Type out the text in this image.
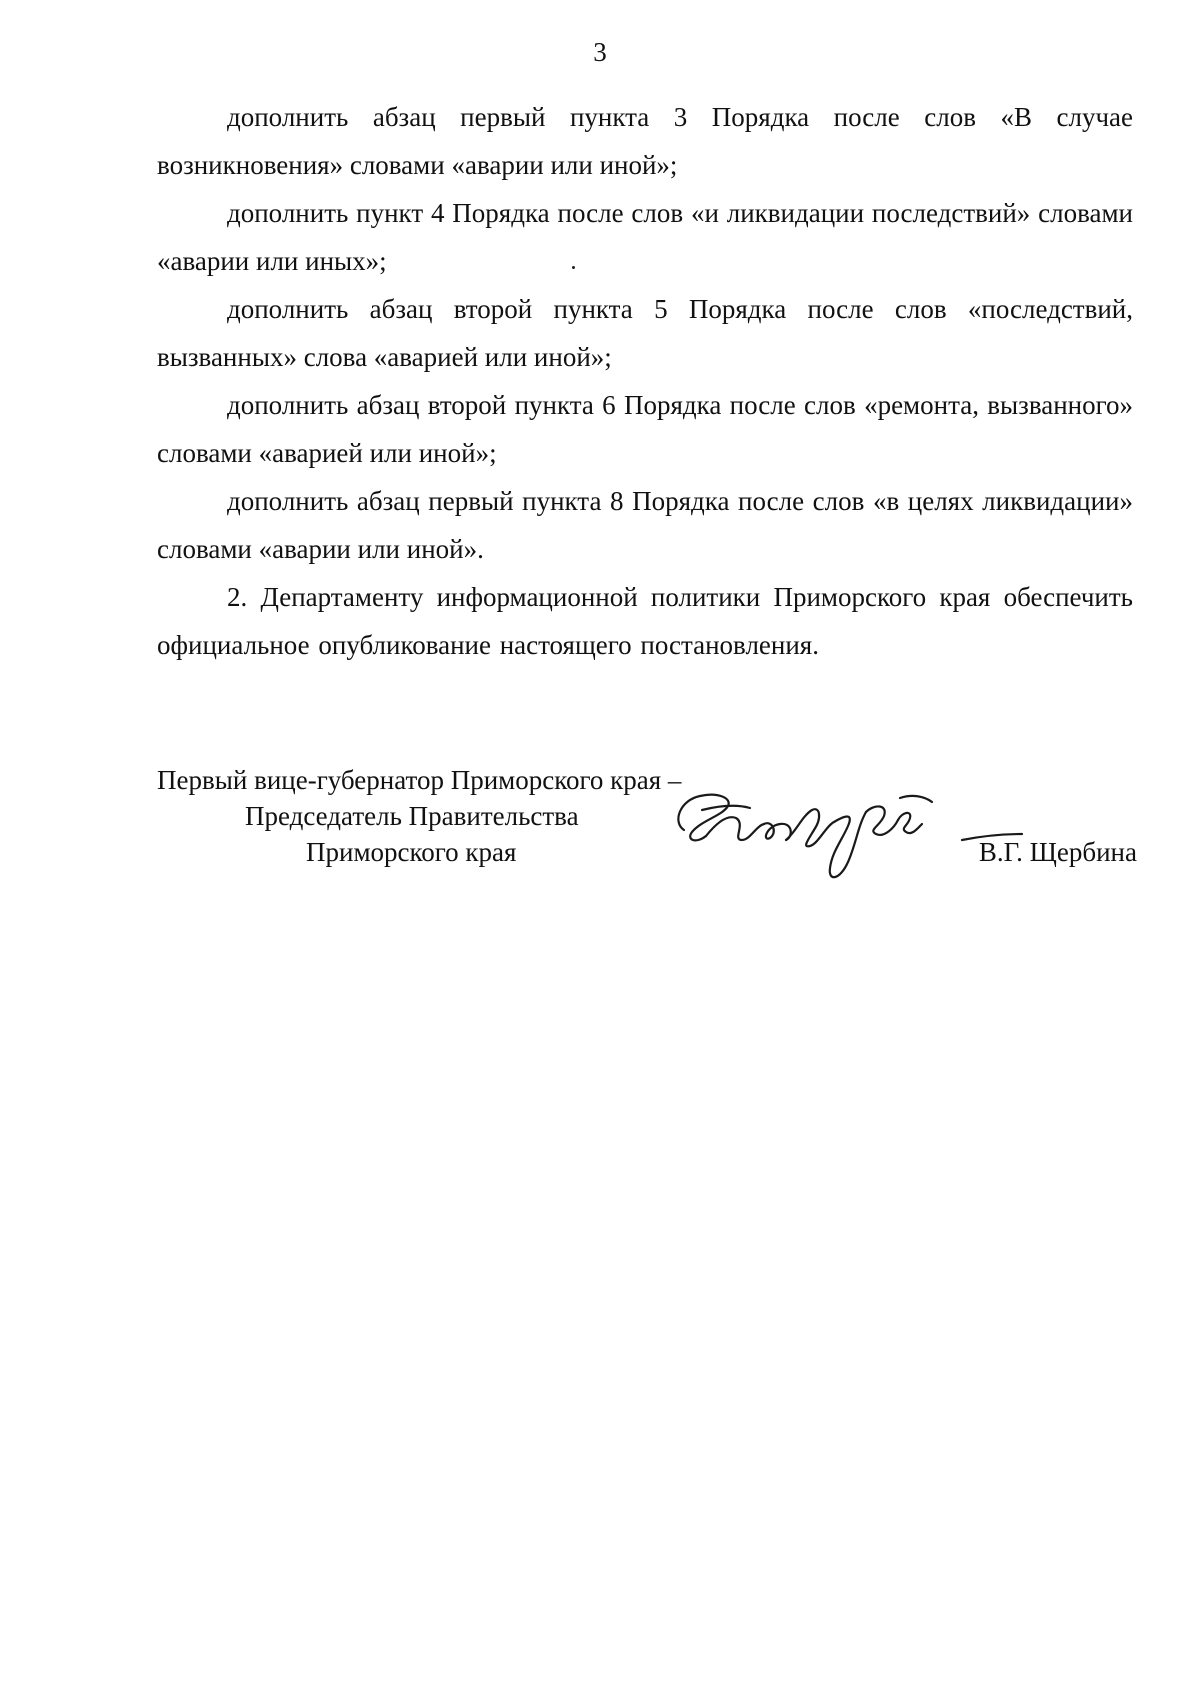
3

дополнить абзац первый пункта 3 Порядка после слов «В случае возникновения» словами «аварии или иной»;

дополнить пункт 4 Порядка после слов «и ликвидации последствий» словами «аварии или иных»;

дополнить абзац второй пункта 5 Порядка после слов «последствий, вызванных» слова «аварией или иной»;

дополнить абзац второй пункта 6 Порядка после слов «ремонта, вызванного» словами «аварией или иной»;

дополнить абзац первый пункта 8 Порядка после слов «в целях ликвидации» словами «аварии или иной».

2. Департаменту информационной политики Приморского края обеспечить официальное опубликование настоящего постановления.

Первый вице-губернатор Приморского края –
Председатель Правительства
Приморского края	В.Г. Щербина
